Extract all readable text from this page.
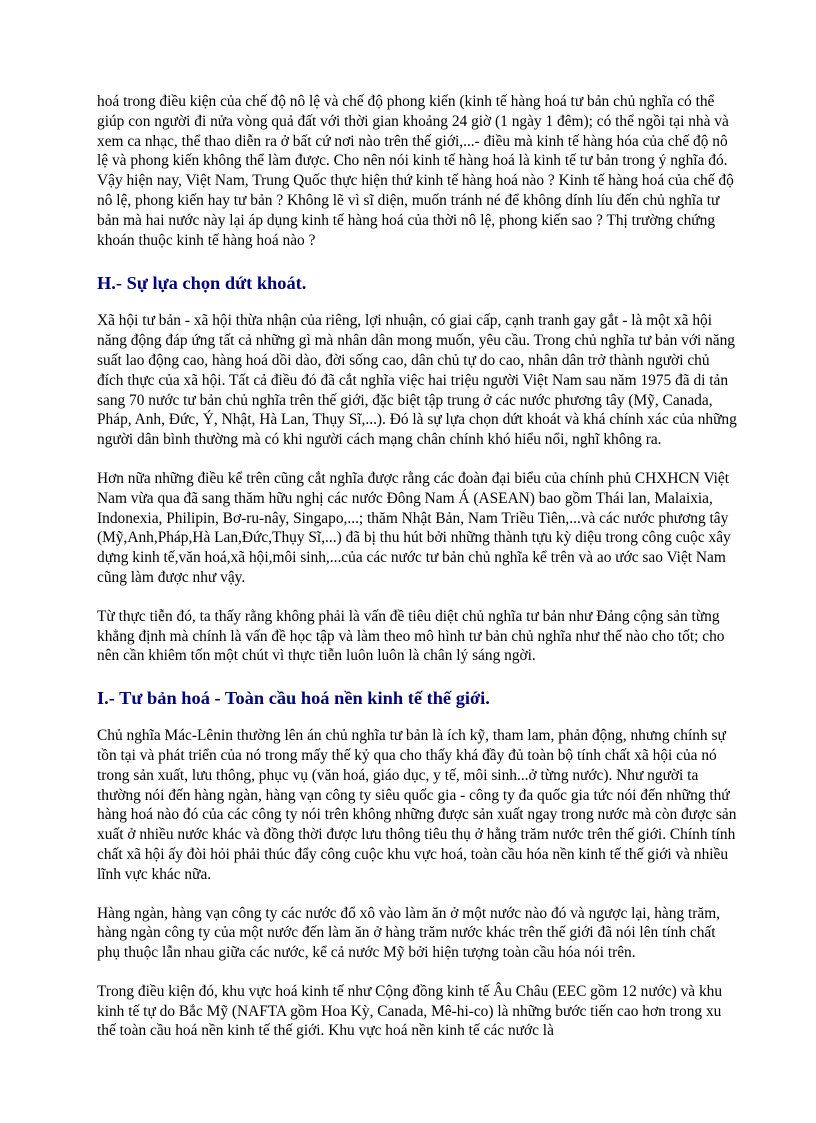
hoá trong điều kiện của chế độ nô lệ và chế độ phong kiến (kinh tế hàng hoá tư bản chủ nghĩa có thể giúp con người đi nửa vòng quả đất với thời gian khoảng 24 giờ (1 ngày 1 đêm); có thể ngồi tại nhà và xem ca nhạc, thể thao diễn ra ở bất cứ nơi nào trên thế giới,...- điều mà kinh tế hàng hóa của chế độ nô lệ và phong kiến không thể làm được. Cho nên nói kinh tế hàng hoá là kinh tế tư bản trong ý nghĩa đó. Vậy hiện nay, Việt Nam, Trung Quốc thực hiện thứ kinh tế hàng hoá nào ? Kinh tế hàng hoá của chế độ nô lệ, phong kiến hay tư bản ? Không lẽ vì sĩ diện, muốn tránh né để không dính líu đến chủ nghĩa tư bản mà hai nước này lại áp dụng kinh tế hàng hoá của thời nô lệ, phong kiến sao ? Thị trường chứng khoán thuộc kinh tế hàng hoá nào ?

H.- Sự lựa chọn dứt khoát.

Xã hội tư bản - xã hội thừa nhận của riêng, lợi nhuận, có giai cấp, cạnh tranh gay gắt - là một xã hội năng động đáp ứng tất cả những gì mà nhân dân mong muốn, yêu cầu. Trong chủ nghĩa tư bản với năng suất lao động cao, hàng hoá dồi dào, đời sống cao, dân chủ tự do cao, nhân dân trở thành người chủ đích thực của xã hội. Tất cả điều đó đã cắt nghĩa việc hai triệu người Việt Nam sau năm 1975 đã di tản sang 70 nước tư bản chủ nghĩa trên thế giới, đặc biệt tập trung ở các nước phương tây (Mỹ, Canada, Pháp, Anh, Đức, Ý, Nhật, Hà Lan, Thụy Sĩ,...). Đó là sự lựa chọn dứt khoát và khá chính xác của những người dân bình thường mà có khi người cách mạng chân chính khó hiểu nổi, nghĩ không ra.

Hơn nữa những điều kể trên cũng cắt nghĩa được rằng các đoàn đại biểu của chính phủ CHXHCN Việt Nam vừa qua đã sang thăm hữu nghị các nước Đông Nam Á (ASEAN) bao gồm Thái lan, Malaixia, Indonexia, Philipin, Bơ-ru-nây, Singapo,...; thăm Nhật Bản, Nam Triều Tiên,...và các nước phương tây (Mỹ,Anh,Pháp,Hà Lan,Đức,Thụy Sĩ,...) đã bị thu hút bởi những thành tựu kỳ diệu trong công cuộc xây dựng kinh tế,văn hoá,xã hội,môi sinh,...của các nước tư bản chủ nghĩa kể trên và ao ước sao Việt Nam cũng làm được như vậy.

Từ thực tiễn đó, ta thấy rằng không phải là vấn đề tiêu diệt chủ nghĩa tư bản như Đảng cộng sản từng khẳng định mà chính là vấn đề học tập và làm theo mô hình tư bản chủ nghĩa như thế nào cho tốt; cho nên cần khiêm tốn một chút vì thực tiễn luôn luôn là chân lý sáng ngời.

I.- Tư bản hoá - Toàn cầu hoá nền kinh tế thế giới.

Chủ nghĩa Mác-Lênin thường lên án chủ nghĩa tư bản là ích kỹ, tham lam, phản động, nhưng chính sự tồn tại và phát triển của nó trong mấy thế kỷ qua cho thấy khá đầy đủ toàn bộ tính chất xã hội của nó trong sản xuất, lưu thông, phục vụ (văn hoá, giáo dục, y tế, môi sinh...ở từng nước). Như người ta thường nói đến hàng ngàn, hàng vạn công ty siêu quốc gia - công ty đa quốc gia tức nói đến những thứ hàng hoá nào đó của các công ty nói trên không những được sản xuất ngay trong nước mà còn được sản xuất ở nhiều nước khác và đồng thời được lưu thông tiêu thụ ở hằng trăm nước trên thế giới. Chính tính chất xã hội ấy đòi hỏi phải thúc đẩy công cuộc khu vực hoá, toàn cầu hóa nền kinh tế thế giới và nhiều lĩnh vực khác nữa.

Hàng ngàn, hàng vạn công ty các nước đổ xô vào làm ăn ở một nước nào đó và ngược lại, hàng trăm, hàng ngàn công ty của một nước đến làm ăn ở hàng trăm nước khác trên thế giới đã nói lên tính chất phụ thuộc lẫn nhau giữa các nước, kể cả nước Mỹ bởi hiện tượng toàn cầu hóa nói trên.

Trong điều kiện đó, khu vực hoá kinh tế như Cộng đồng kinh tế Âu Châu (EEC gồm 12 nước) và khu kinh tế tự do Bắc Mỹ (NAFTA gồm Hoa Kỳ, Canada, Mê-hi-co) là những bước tiến cao hơn trong xu thế toàn cầu hoá nền kinh tế thế giới. Khu vực hoá nền kinh tế các nước là
